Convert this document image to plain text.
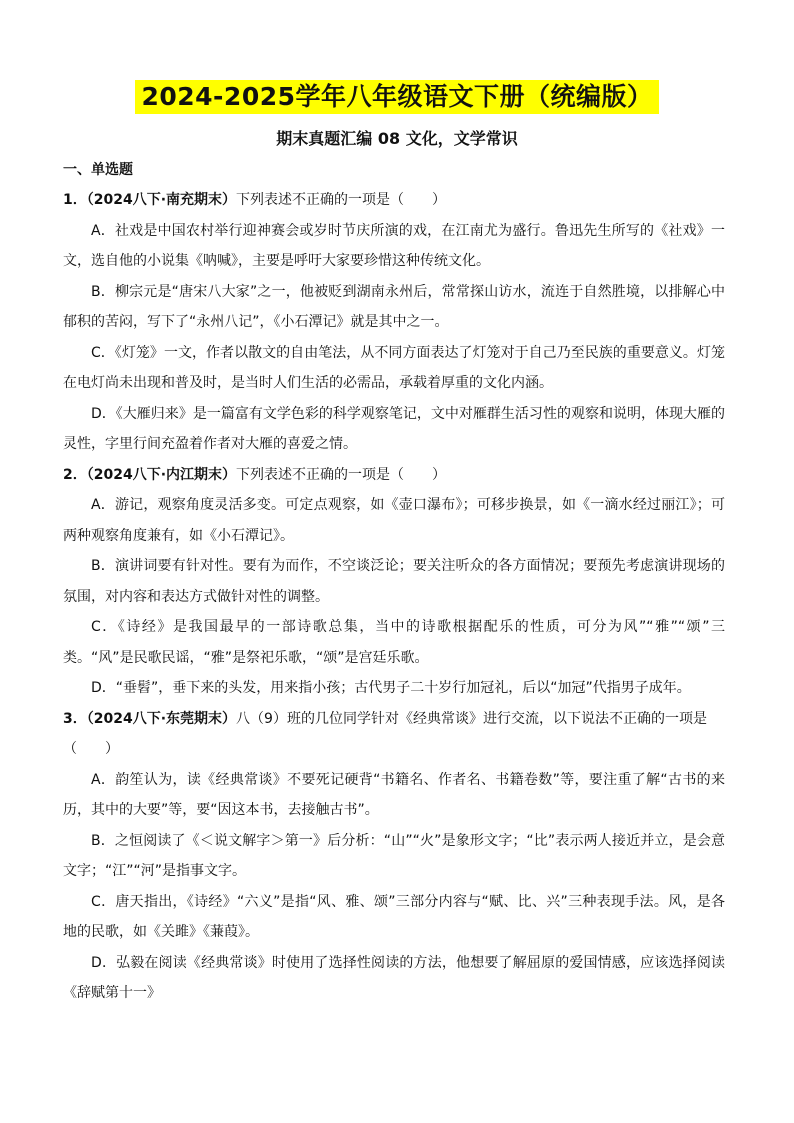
2024-2025学年八年级语文下册（统编版）
期末真题汇编 08 文化，文学常识
一、单选题
1．（2024八下·南充期末）下列表述不正确的一项是（　　）
A．社戏是中国农村举行迎神赛会或岁时节庆所演的戏，在江南尤为盛行。鲁迅先生所写的《社戏》一文，选自他的小说集《呐喊》，主要是呼吁大家要珍惜这种传统文化。
B．柳宗元是“唐宋八大家”之一，他被贬到湖南永州后，常常探山访水，流连于自然胜境，以排解心中郁积的苦闷，写下了“永州八记”，《小石潭记》就是其中之一。
C．《灯笼》一文，作者以散文的自由笔法，从不同方面表达了灯笼对于自己乃至民族的重要意义。灯笼在电灯尚未出现和普及时，是当时人们生活的必需品，承载着厚重的文化内涵。
D．《大雁归来》是一篇富有文学色彩的科学观察笔记，文中对雁群生活习性的观察和说明，体现大雁的灵性，字里行间充盈着作者对大雁的喜爱之情。
2．（2024八下·内江期末）下列表述不正确的一项是（　　）
A．游记，观察角度灵活多变。可定点观察，如《壶口瀑布》；可移步换景，如《一滴水经过丽江》；可两种观察角度兼有，如《小石潭记》。
B．演讲词要有针对性。要有为而作，不空谈泛论；要关注听众的各方面情况；要预先考虑演讲现场的氛围，对内容和表达方式做针对性的调整。
C．《诗经》是我国最早的一部诗歌总集，当中的诗歌根据配乐的性质，可分为风”“雅”“颂”三类。“风”是民歌民谣，“雅”是祭祀乐歌，“颂”是宫廷乐歌。
D．“垂髫”，垂下来的头发，用来指小孩；古代男子二十岁行加冠礼，后以“加冠”代指男子成年。
3．（2024八下·东莞期末）八（9）班的几位同学针对《经典常谈》进行交流，以下说法不正确的一项是（　　）
A．韵笙认为，读《经典常谈》不要死记硬背“书籍名、作者名、书籍卷数”等，要注重了解“古书的来历，其中的大要”等，要“因这本书，去接触古书”。
B．之恒阅读了《＜说文解字＞第一》后分析：“山”“火”是象形文字；“比”表示两人接近并立，是会意文字；“江”“河”是指事文字。
C．唐天指出，《诗经》“六义”是指“风、雅、颂”三部分内容与“赋、比、兴”三种表现手法。风，是各地的民歌，如《关雎》《蒹葭》。
D．弘毅在阅读《经典常谈》时使用了选择性阅读的方法，他想要了解屈原的爱国情感，应该选择阅读《辞赋第十一》
